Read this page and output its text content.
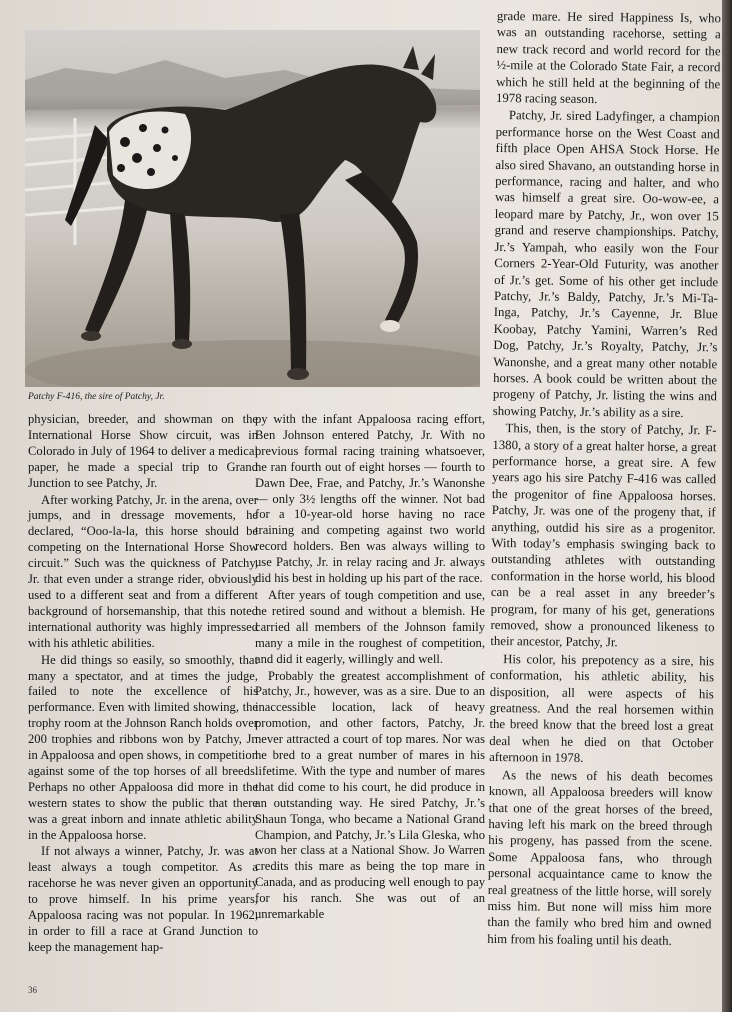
Patchy F-416, the sire of Patchy, Jr.

physician, breeder, and showman on the International Horse Show circuit, was in Colorado in July of 1964 to deliver a medical paper, he made a special trip to Grand Junction to see Patchy, Jr.

After working Patchy, Jr. in the arena, over jumps, and in dressage movements, he declared, “Ooo-la-la, this horse should be competing on the International Horse Show circuit.” Such was the quickness of Patchy, Jr. that even under a strange rider, obviously used to a different seat and from a different background of horsemanship, that this noted international authority was highly impressed with his athletic abilities.

He did things so easily, so smoothly, that many a spectator, and at times the judge, failed to note the excellence of his performance. Even with limited showing, the trophy room at the Johnson Ranch holds over 200 trophies and ribbons won by Patchy, Jr. in Appaloosa and open shows, in competition against some of the top horses of all breeds. Perhaps no other Appaloosa did more in the western states to show the public that there was a great inborn and innate athletic ability in the Appaloosa horse.

If not always a winner, Patchy, Jr. was at least always a tough competitor. As a racehorse he was never given an opportunity to prove himself. In his prime years, Appaloosa racing was not popular. In 1962, in order to fill a race at Grand Junction to keep the management hap-

py with the infant Appaloosa racing effort, Ben Johnson entered Patchy, Jr. With no previous formal racing training whatsoever, he ran fourth out of eight horses — fourth to Dawn Dee, Frae, and Patchy, Jr.’s Wanonshe — only 3½ lengths off the winner. Not bad for a 10-year-old horse having no race training and competing against two world record holders. Ben was always willing to use Patchy, Jr. in relay racing and Jr. always did his best in holding up his part of the race.

After years of tough competition and use, he retired sound and without a blemish. He carried all members of the Johnson family many a mile in the roughest of competition, and did it eagerly, willingly and well.

Probably the greatest accomplishment of Patchy, Jr., however, was as a sire. Due to an inaccessible location, lack of heavy promotion, and other factors, Patchy, Jr. never attracted a court of top mares. Nor was he bred to a great number of mares in his lifetime. With the type and number of mares that did come to his court, he did produce in an outstanding way. He sired Patchy, Jr.’s Shaun Tonga, who became a National Grand Champion, and Patchy, Jr.’s Lila Gleska, who won her class at a National Show. Jo Warren credits this mare as being the top mare in Canada, and as producing well enough to pay for his ranch. She was out of an unremarkable

grade mare. He sired Happiness Is, who was an outstanding racehorse, setting a new track record and world record for the ½-mile at the Colorado State Fair, a record which he still held at the beginning of the 1978 racing season.

Patchy, Jr. sired Ladyfinger, a champion performance horse on the West Coast and fifth place Open AHSA Stock Horse. He also sired Shavano, an outstanding horse in performance, racing and halter, and who was himself a great sire. Oo-wow-ee, a leopard mare by Patchy, Jr., won over 15 grand and reserve championships. Patchy, Jr.’s Yampah, who easily won the Four Corners 2-Year-Old Futurity, was another of Jr.’s get. Some of his other get include Patchy, Jr.’s Baldy, Patchy, Jr.’s Mi-Ta-Inga, Patchy, Jr.’s Cayenne, Jr. Blue Koobay, Patchy Yamini, Warren’s Red Dog, Patchy, Jr.’s Royalty, Patchy, Jr.’s Wanonshe, and a great many other notable horses. A book could be written about the progeny of Patchy, Jr. listing the wins and showing Patchy, Jr.’s ability as a sire.

This, then, is the story of Patchy, Jr. F-1380, a story of a great halter horse, a great performance horse, a great sire. A few years ago his sire Patchy F-416 was called the progenitor of fine Appaloosa horses. Patchy, Jr. was one of the progeny that, if anything, outdid his sire as a progenitor. With today’s emphasis swinging back to outstanding athletes with outstanding conformation in the horse world, his blood can be a real asset in any breeder’s program, for many of his get, generations removed, show a pronounced likeness to their ancestor, Patchy, Jr.

His color, his prepotency as a sire, his conformation, his athletic ability, his disposition, all were aspects of his greatness. And the real horsemen within the breed know that the breed lost a great deal when he died on that October afternoon in 1978.

As the news of his death becomes known, all Appaloosa breeders will know that one of the great horses of the breed, having left his mark on the breed through his progeny, has passed from the scene. Some Appaloosa fans, who through personal acquaintance came to know the real greatness of the little horse, will sorely miss him. But none will miss him more than the family who bred him and owned him from his foaling until his death.

36
